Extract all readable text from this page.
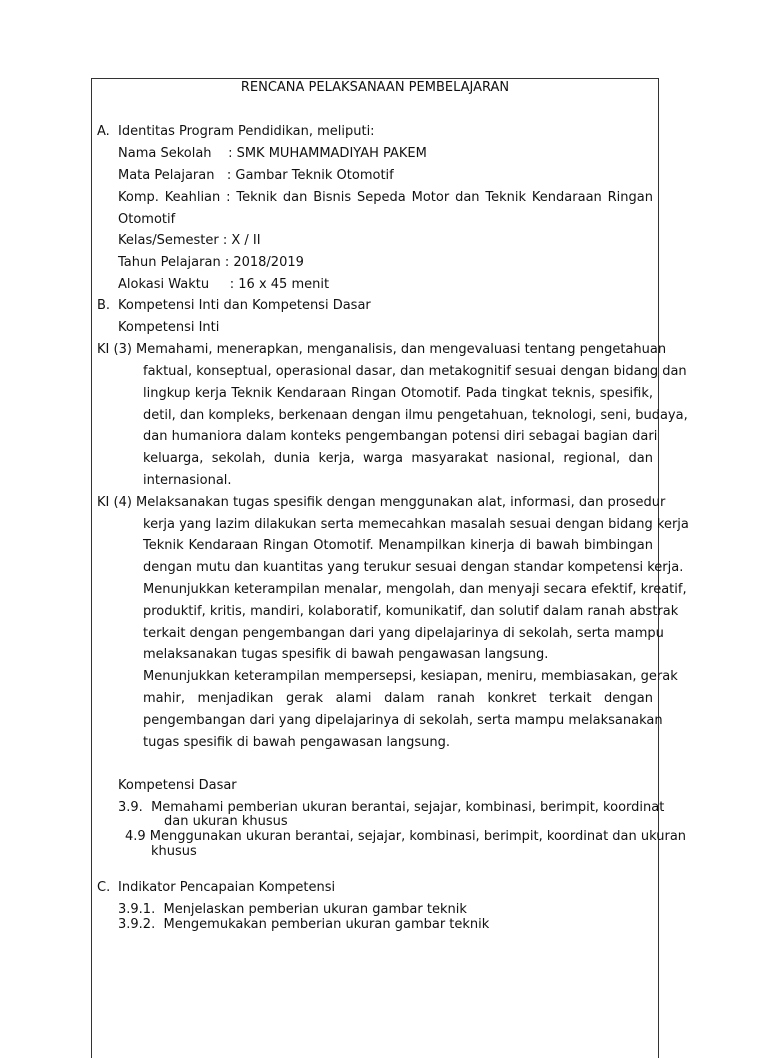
RENCANA PELAKSANAAN PEMBELAJARAN
A. Identitas Program Pendidikan, meliputi:
Nama Sekolah    : SMK MUHAMMADIYAH PAKEM
Mata Pelajaran   : Gambar Teknik Otomotif
Komp. Keahlian : Teknik dan Bisnis Sepeda Motor dan Teknik Kendaraan Ringan
Otomotif
Kelas/Semester : X / II
Tahun Pelajaran : 2018/2019
Alokasi Waktu     : 16 x 45 menit
B. Kompetensi Inti dan Kompetensi Dasar
Kompetensi Inti
KI (3) Memahami, menerapkan, menganalisis, dan mengevaluasi tentang pengetahuan
faktual, konseptual, operasional dasar, dan metakognitif sesuai dengan bidang dan
lingkup kerja Teknik Kendaraan Ringan Otomotif. Pada tingkat teknis, spesifik,
detil, dan kompleks, berkenaan dengan ilmu pengetahuan, teknologi, seni, budaya,
dan humaniora dalam konteks pengembangan potensi diri sebagai bagian dari
keluarga, sekolah, dunia kerja, warga masyarakat nasional, regional, dan
internasional.
KI (4) Melaksanakan tugas spesifik dengan menggunakan alat, informasi, dan prosedur
kerja yang lazim dilakukan serta memecahkan masalah sesuai dengan bidang kerja
Teknik Kendaraan Ringan Otomotif. Menampilkan kinerja di bawah bimbingan
dengan mutu dan kuantitas yang terukur sesuai dengan standar kompetensi kerja.
Menunjukkan keterampilan menalar, mengolah, dan menyaji secara efektif, kreatif,
produktif, kritis, mandiri, kolaboratif, komunikatif, dan solutif dalam ranah abstrak
terkait dengan pengembangan dari yang dipelajarinya di sekolah, serta mampu
melaksanakan tugas spesifik di bawah pengawasan langsung.
Menunjukkan keterampilan mempersepsi, kesiapan, meniru, membiasakan, gerak
mahir, menjadikan gerak alami dalam ranah konkret terkait dengan
pengembangan dari yang dipelajarinya di sekolah, serta mampu melaksanakan
tugas spesifik di bawah pengawasan langsung.
Kompetensi Dasar
3.9.  Memahami pemberian ukuran berantai, sejajar, kombinasi, berimpit, koordinat
dan ukuran khusus
4.9 Menggunakan ukuran berantai, sejajar, kombinasi, berimpit, koordinat dan ukuran
khusus
C. Indikator Pencapaian Kompetensi
3.9.1.  Menjelaskan pemberian ukuran gambar teknik
3.9.2.  Mengemukakan pemberian ukuran gambar teknik
